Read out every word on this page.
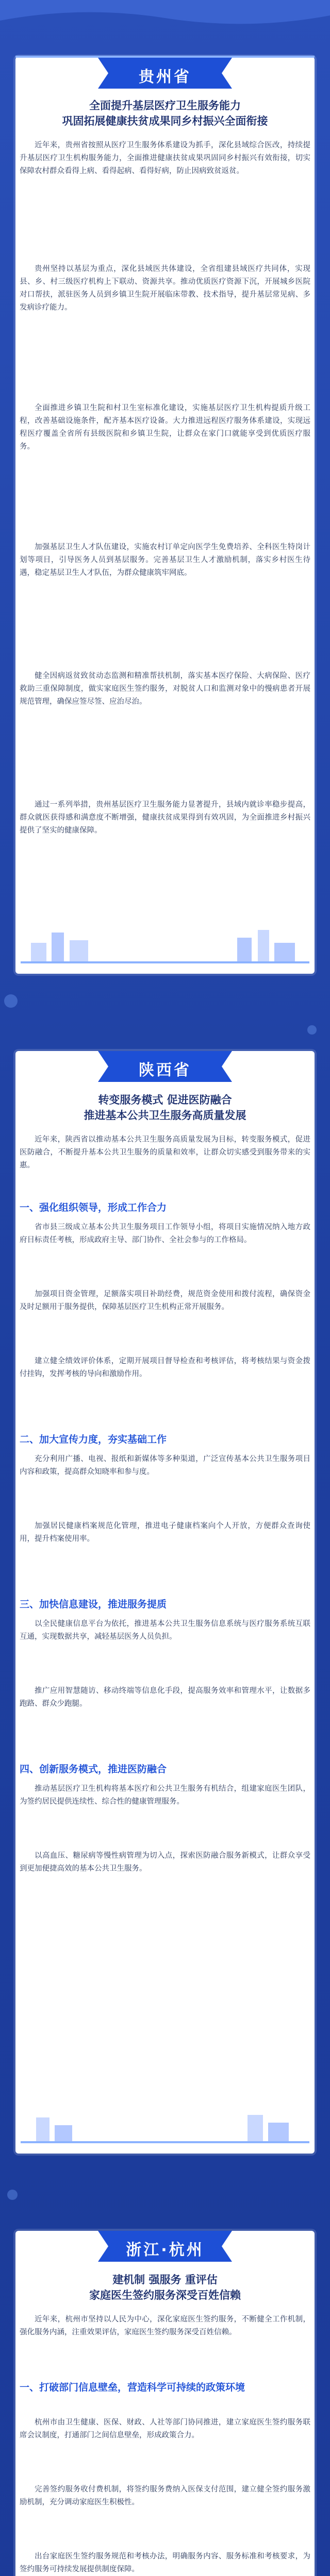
贵州省
全面提升基层医疗卫生服务能力
巩固拓展健康扶贫成果同乡村振兴全面衔接

近年来，贵州省按照从医疗卫生服务体系建设为抓手，深化县域综合医改，持续提升基层医疗卫生机构服务能力，全面推进健康扶贫成果巩固同乡村振兴有效衔接，切实保障农村群众看得上病、看得起病、看得好病，防止因病致贫返贫。

贵州坚持以基层为重点，深化县域医共体建设，全省组建县域医疗共同体，实现县、乡、村三级医疗机构上下联动、资源共享。推动优质医疗资源下沉，开展城乡医院对口帮扶，派驻医务人员到乡镇卫生院开展临床带教、技术指导，提升基层常见病、多发病诊疗能力。

全面推进乡镇卫生院和村卫生室标准化建设，实施基层医疗卫生机构提质升级工程，改善基础设施条件，配齐基本医疗设备。大力推进远程医疗服务体系建设，实现远程医疗覆盖全省所有县级医院和乡镇卫生院，让群众在家门口就能享受到优质医疗服务。

加强基层卫生人才队伍建设，实施农村订单定向医学生免费培养、全科医生特岗计划等项目，引导医务人员到基层服务。完善基层卫生人才激励机制，落实乡村医生待遇，稳定基层卫生人才队伍，为群众健康筑牢网底。

健全因病返贫致贫动态监测和精准帮扶机制，落实基本医疗保险、大病保险、医疗救助三重保障制度，做实家庭医生签约服务，对脱贫人口和监测对象中的慢病患者开展规范管理，确保应签尽签、应治尽治。

通过一系列举措，贵州基层医疗卫生服务能力显著提升，县域内就诊率稳步提高，群众就医获得感和满意度不断增强，健康扶贫成果得到有效巩固，为全面推进乡村振兴提供了坚实的健康保障。

陕西省
转变服务模式 促进医防融合
推进基本公共卫生服务高质量发展

近年来，陕西省以推动基本公共卫生服务高质量发展为目标，转变服务模式，促进医防融合，不断提升基本公共卫生服务的质量和效率，让群众切实感受到服务带来的实惠。

一、强化组织领导，形成工作合力

省市县三级成立基本公共卫生服务项目工作领导小组，将项目实施情况纳入地方政府目标责任考核，形成政府主导、部门协作、全社会参与的工作格局。

加强项目资金管理，足额落实项目补助经费，规范资金使用和拨付流程，确保资金及时足额用于服务提供，保障基层医疗卫生机构正常开展服务。

建立健全绩效评价体系，定期开展项目督导检查和考核评估，将考核结果与资金拨付挂钩，发挥考核的导向和激励作用。

二、加大宣传力度，夯实基础工作

充分利用广播、电视、报纸和新媒体等多种渠道，广泛宣传基本公共卫生服务项目内容和政策，提高群众知晓率和参与度。

加强居民健康档案规范化管理，推进电子健康档案向个人开放，方便群众查询使用，提升档案使用率。

三、加快信息建设，推进服务提质

以全民健康信息平台为依托，推进基本公共卫生服务信息系统与医疗服务系统互联互通，实现数据共享，减轻基层医务人员负担。

推广应用智慧随访、移动终端等信息化手段，提高服务效率和管理水平，让数据多跑路、群众少跑腿。

四、创新服务模式，推进医防融合

推动基层医疗卫生机构将基本医疗和公共卫生服务有机结合，组建家庭医生团队，为签约居民提供连续性、综合性的健康管理服务。

以高血压、糖尿病等慢性病管理为切入点，探索医防融合服务新模式，让群众享受到更加便捷高效的基本公共卫生服务。

浙江·杭州
建机制 强服务 重评估
家庭医生签约服务深受百姓信赖

近年来，杭州市坚持以人民为中心，深化家庭医生签约服务，不断健全工作机制，强化服务内涵，注重效果评估，家庭医生签约服务深受百姓信赖。

一、打破部门信息壁垒，营造科学可持续的政策环境

杭州市由卫生健康、医保、财政、人社等部门协同推进，建立家庭医生签约服务联席会议制度，打通部门之间信息壁垒，形成政策合力。

完善签约服务收付费机制，将签约服务费纳入医保支付范围，建立健全签约服务激励机制，充分调动家庭医生积极性。

出台家庭医生签约服务规范和考核办法，明确服务内容、服务标准和考核要求，为签约服务可持续发展提供制度保障。
